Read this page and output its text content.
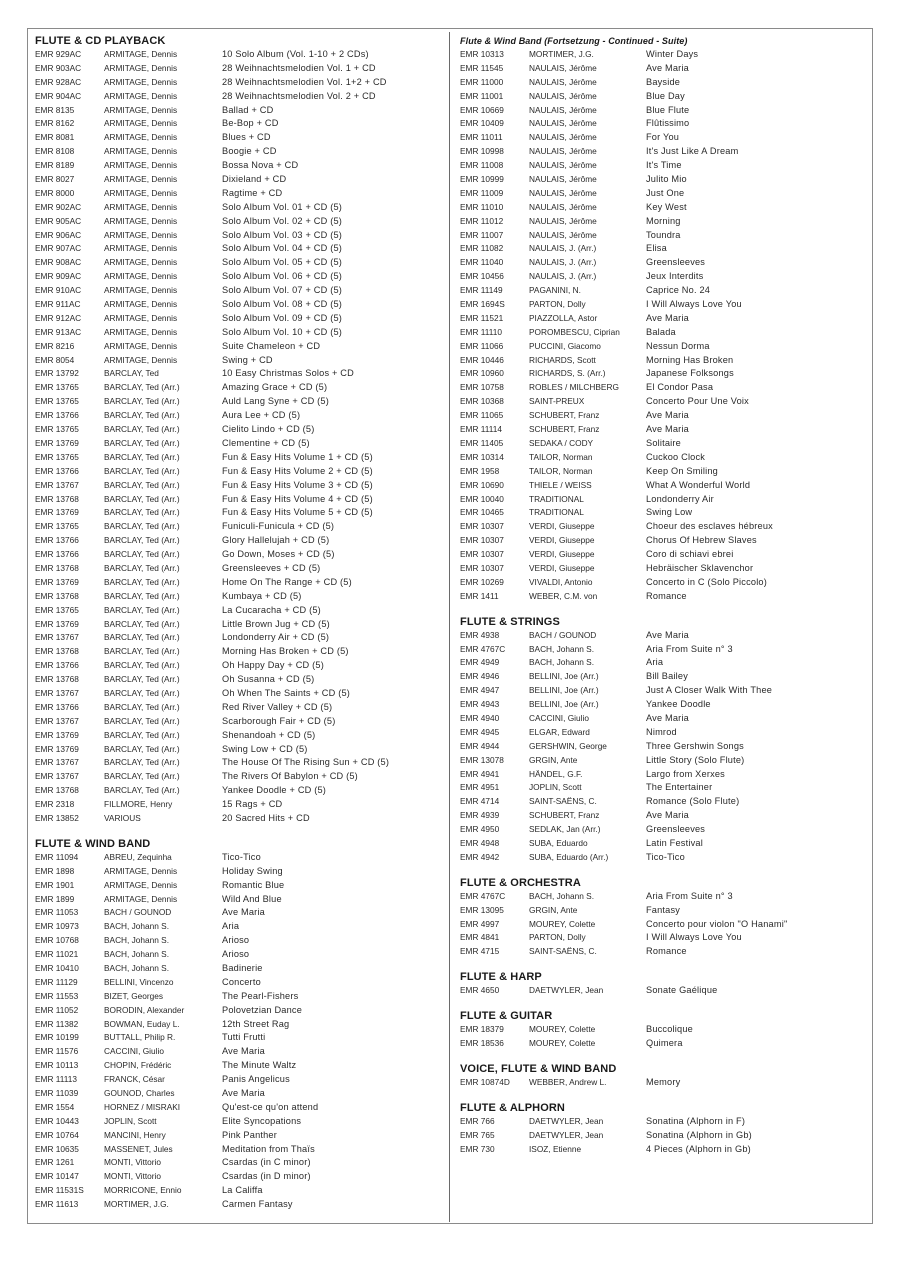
FLUTE & CD PLAYBACK
EMR 929AC	ARMITAGE, Dennis	10 Solo Album (Vol. 1-10 + 2 CDs)
EMR 903AC	ARMITAGE, Dennis	28 Weihnachtsmelodien Vol. 1 + CD
EMR 928AC	ARMITAGE, Dennis	28 Weihnachtsmelodien Vol. 1+2 + CD
EMR 904AC	ARMITAGE, Dennis	28 Weihnachtsmelodien Vol. 2 + CD
EMR 8135	ARMITAGE, Dennis	Ballad + CD
EMR 8162	ARMITAGE, Dennis	Be-Bop + CD
EMR 8081	ARMITAGE, Dennis	Blues + CD
EMR 8108	ARMITAGE, Dennis	Boogie + CD
EMR 8189	ARMITAGE, Dennis	Bossa Nova + CD
EMR 8027	ARMITAGE, Dennis	Dixieland + CD
EMR 8000	ARMITAGE, Dennis	Ragtime + CD
EMR 902AC	ARMITAGE, Dennis	Solo Album Vol. 01 + CD (5)
EMR 905AC	ARMITAGE, Dennis	Solo Album Vol. 02 + CD (5)
EMR 906AC	ARMITAGE, Dennis	Solo Album Vol. 03 + CD (5)
EMR 907AC	ARMITAGE, Dennis	Solo Album Vol. 04 + CD (5)
EMR 908AC	ARMITAGE, Dennis	Solo Album Vol. 05 + CD (5)
EMR 909AC	ARMITAGE, Dennis	Solo Album Vol. 06 + CD (5)
EMR 910AC	ARMITAGE, Dennis	Solo Album Vol. 07 + CD (5)
EMR 911AC	ARMITAGE, Dennis	Solo Album Vol. 08 + CD (5)
EMR 912AC	ARMITAGE, Dennis	Solo Album Vol. 09 + CD (5)
EMR 913AC	ARMITAGE, Dennis	Solo Album Vol. 10 + CD (5)
EMR 8216	ARMITAGE, Dennis	Suite Chameleon + CD
EMR 8054	ARMITAGE, Dennis	Swing + CD
EMR 13792	BARCLAY, Ted	10 Easy Christmas Solos + CD
EMR 13765	BARCLAY, Ted (Arr.)	Amazing Grace + CD (5)
EMR 13765	BARCLAY, Ted (Arr.)	Auld Lang Syne + CD (5)
EMR 13766	BARCLAY, Ted (Arr.)	Aura Lee + CD (5)
EMR 13765	BARCLAY, Ted (Arr.)	Cielito Lindo + CD (5)
EMR 13769	BARCLAY, Ted (Arr.)	Clementine + CD (5)
EMR 13765	BARCLAY, Ted (Arr.)	Fun & Easy Hits Volume 1 + CD (5)
EMR 13766	BARCLAY, Ted (Arr.)	Fun & Easy Hits Volume 2 + CD (5)
EMR 13767	BARCLAY, Ted (Arr.)	Fun & Easy Hits Volume 3 + CD (5)
EMR 13768	BARCLAY, Ted (Arr.)	Fun & Easy Hits Volume 4 + CD (5)
EMR 13769	BARCLAY, Ted (Arr.)	Fun & Easy Hits Volume 5 + CD (5)
EMR 13765	BARCLAY, Ted (Arr.)	Funiculi-Funicula + CD (5)
EMR 13766	BARCLAY, Ted (Arr.)	Glory Hallelujah + CD (5)
EMR 13766	BARCLAY, Ted (Arr.)	Go Down, Moses + CD (5)
EMR 13768	BARCLAY, Ted (Arr.)	Greensleeves + CD (5)
EMR 13769	BARCLAY, Ted (Arr.)	Home On The Range + CD (5)
EMR 13768	BARCLAY, Ted (Arr.)	Kumbaya + CD (5)
EMR 13765	BARCLAY, Ted (Arr.)	La Cucaracha + CD (5)
EMR 13769	BARCLAY, Ted (Arr.)	Little Brown Jug + CD (5)
EMR 13767	BARCLAY, Ted (Arr.)	Londonderry Air + CD (5)
EMR 13768	BARCLAY, Ted (Arr.)	Morning Has Broken + CD (5)
EMR 13766	BARCLAY, Ted (Arr.)	Oh Happy Day + CD (5)
EMR 13768	BARCLAY, Ted (Arr.)	Oh Susanna + CD (5)
EMR 13767	BARCLAY, Ted (Arr.)	Oh When The Saints + CD (5)
EMR 13766	BARCLAY, Ted (Arr.)	Red River Valley + CD (5)
EMR 13767	BARCLAY, Ted (Arr.)	Scarborough Fair + CD (5)
EMR 13769	BARCLAY, Ted (Arr.)	Shenandoah + CD (5)
EMR 13769	BARCLAY, Ted (Arr.)	Swing Low + CD (5)
EMR 13767	BARCLAY, Ted (Arr.)	The House Of The Rising Sun + CD (5)
EMR 13767	BARCLAY, Ted (Arr.)	The Rivers Of Babylon + CD (5)
EMR 13768	BARCLAY, Ted (Arr.)	Yankee Doodle + CD (5)
EMR 2318	FILLMORE, Henry	15 Rags + CD
EMR 13852	VARIOUS	20 Sacred Hits + CD
FLUTE & WIND BAND
EMR 11094	ABREU, Zequinha	Tico-Tico
EMR 1898	ARMITAGE, Dennis	Holiday Swing
EMR 1901	ARMITAGE, Dennis	Romantic Blue
EMR 1899	ARMITAGE, Dennis	Wild And Blue
EMR 11053	BACH / GOUNOD	Ave Maria
EMR 10973	BACH, Johann S.	Aria
EMR 10768	BACH, Johann S.	Arioso
EMR 11021	BACH, Johann S.	Arioso
EMR 10410	BACH, Johann S.	Badinerie
EMR 11129	BELLINI, Vincenzo	Concerto
EMR 11553	BIZET, Georges	The Pearl-Fishers
EMR 11052	BORODIN, Alexander	Polovetzian Dance
EMR 11382	BOWMAN, Euday L.	12th Street Rag
EMR 10199	BUTTALL, Philip R.	Tutti Frutti
EMR 11576	CACCINI, Giulio	Ave Maria
EMR 10113	CHOPIN, Frédéric	The Minute Waltz
EMR 11113	FRANCK, César	Panis Angelicus
EMR 11039	GOUNOD, Charles	Ave Maria
EMR 1554	HORNEZ / MISRAKI	Qu'est-ce qu'on attend
EMR 10443	JOPLIN, Scott	Elite Syncopations
EMR 10764	MANCINI, Henry	Pink Panther
EMR 10635	MASSENET, Jules	Meditation from Thaïs
EMR 1261	MONTI, Vittorio	Csardas (in C minor)
EMR 10147	MONTI, Vittorio	Csardas (in D minor)
EMR 11531S	MORRICONE, Ennio	La Califfa
EMR 11613	MORTIMER, J.G.	Carmen Fantasy
Flute & Wind Band (Fortsetzung - Continued - Suite)
EMR 10313	MORTIMER, J.G.	Winter Days
EMR 11545	NAULAIS, Jérôme	Ave Maria
EMR 11000	NAULAIS, Jérôme	Bayside
EMR 11001	NAULAIS, Jérôme	Blue Day
EMR 10669	NAULAIS, Jérôme	Blue Flute
EMR 10409	NAULAIS, Jérôme	Flûtissimo
EMR 11011	NAULAIS, Jérôme	For You
EMR 10998	NAULAIS, Jérôme	It's Just Like A Dream
EMR 11008	NAULAIS, Jérôme	It's Time
EMR 10999	NAULAIS, Jérôme	Julito Mio
EMR 11009	NAULAIS, Jérôme	Just One
EMR 11010	NAULAIS, Jérôme	Key West
EMR 11012	NAULAIS, Jérôme	Morning
EMR 11007	NAULAIS, Jérôme	Toundra
EMR 11082	NAULAIS, J. (Arr.)	Elisa
EMR 11040	NAULAIS, J. (Arr.)	Greensleeves
EMR 10456	NAULAIS, J. (Arr.)	Jeux Interdits
EMR 11149	PAGANINI, N.	Caprice No. 24
EMR 1694S	PARTON, Dolly	I Will Always Love You
EMR 11521	PIAZZOLLA, Astor	Ave Maria
EMR 11110	POROMBESCU, Ciprian	Balada
EMR 11066	PUCCINI, Giacomo	Nessun Dorma
EMR 10446	RICHARDS, Scott	Morning Has Broken
EMR 10960	RICHARDS, S. (Arr.)	Japanese Folksongs
EMR 10758	ROBLES / MILCHBERG	El Condor Pasa
EMR 10368	SAINT-PREUX	Concerto Pour Une Voix
EMR 11065	SCHUBERT, Franz	Ave Maria
EMR 11114	SCHUBERT, Franz	Ave Maria
EMR 11405	SEDAKA / CODY	Solitaire
EMR 10314	TAILOR, Norman	Cuckoo Clock
EMR 1958	TAILOR, Norman	Keep On Smiling
EMR 10690	THIELE / WEISS	What A Wonderful World
EMR 10040	TRADITIONAL	Londonderry Air
EMR 10465	TRADITIONAL	Swing Low
EMR 10307	VERDI, Giuseppe	Choeur des esclaves hébreux
EMR 10307	VERDI, Giuseppe	Chorus Of Hebrew Slaves
EMR 10307	VERDI, Giuseppe	Coro di schiavi ebrei
EMR 10307	VERDI, Giuseppe	Hebräischer Sklavenchor
EMR 10269	VIVALDI, Antonio	Concerto in C (Solo Piccolo)
EMR 1411	WEBER, C.M. von	Romance
FLUTE & STRINGS
EMR 4938	BACH / GOUNOD	Ave Maria
EMR 4767C	BACH, Johann S.	Aria From Suite n° 3
EMR 4949	BACH, Johann S.	Aria
EMR 4946	BELLINI, Joe (Arr.)	Bill Bailey
EMR 4947	BELLINI, Joe (Arr.)	Just A Closer Walk With Thee
EMR 4943	BELLINI, Joe (Arr.)	Yankee Doodle
EMR 4940	CACCINI, Giulio	Ave Maria
EMR 4945	ELGAR, Edward	Nimrod
EMR 4944	GERSHWIN, George	Three Gershwin Songs
EMR 13078	GRGIN, Ante	Little Story (Solo Flute)
EMR 4941	HÄNDEL, G.F.	Largo from Xerxes
EMR 4951	JOPLIN, Scott	The Entertainer
EMR 4714	SAINT-SAËNS, C.	Romance (Solo Flute)
EMR 4939	SCHUBERT, Franz	Ave Maria
EMR 4950	SEDLAK, Jan (Arr.)	Greensleeves
EMR 4948	SUBA, Eduardo	Latin Festival
EMR 4942	SUBA, Eduardo (Arr.)	Tico-Tico
FLUTE & ORCHESTRA
EMR 4767C	BACH, Johann S.	Aria From Suite n° 3
EMR 13095	GRGIN, Ante	Fantasy
EMR 4997	MOUREY, Colette	Concerto pour violon "O Hanami"
EMR 4841	PARTON, Dolly	I Will Always Love You
EMR 4715	SAINT-SAËNS, C.	Romance
FLUTE & HARP
EMR 4650	DAETWYLER, Jean	Sonate Gaélique
FLUTE & GUITAR
EMR 18379	MOUREY, Colette	Buccolique
EMR 18536	MOUREY, Colette	Quimera
VOICE, FLUTE & WIND BAND
EMR 10874D	WEBBER, Andrew L.	Memory
FLUTE & ALPHORN
EMR 766	DAETWYLER, Jean	Sonatina (Alphorn in F)
EMR 765	DAETWYLER, Jean	Sonatina (Alphorn in Gb)
EMR 730	ISOZ, Etienne	4 Pieces (Alphorn in Gb)
